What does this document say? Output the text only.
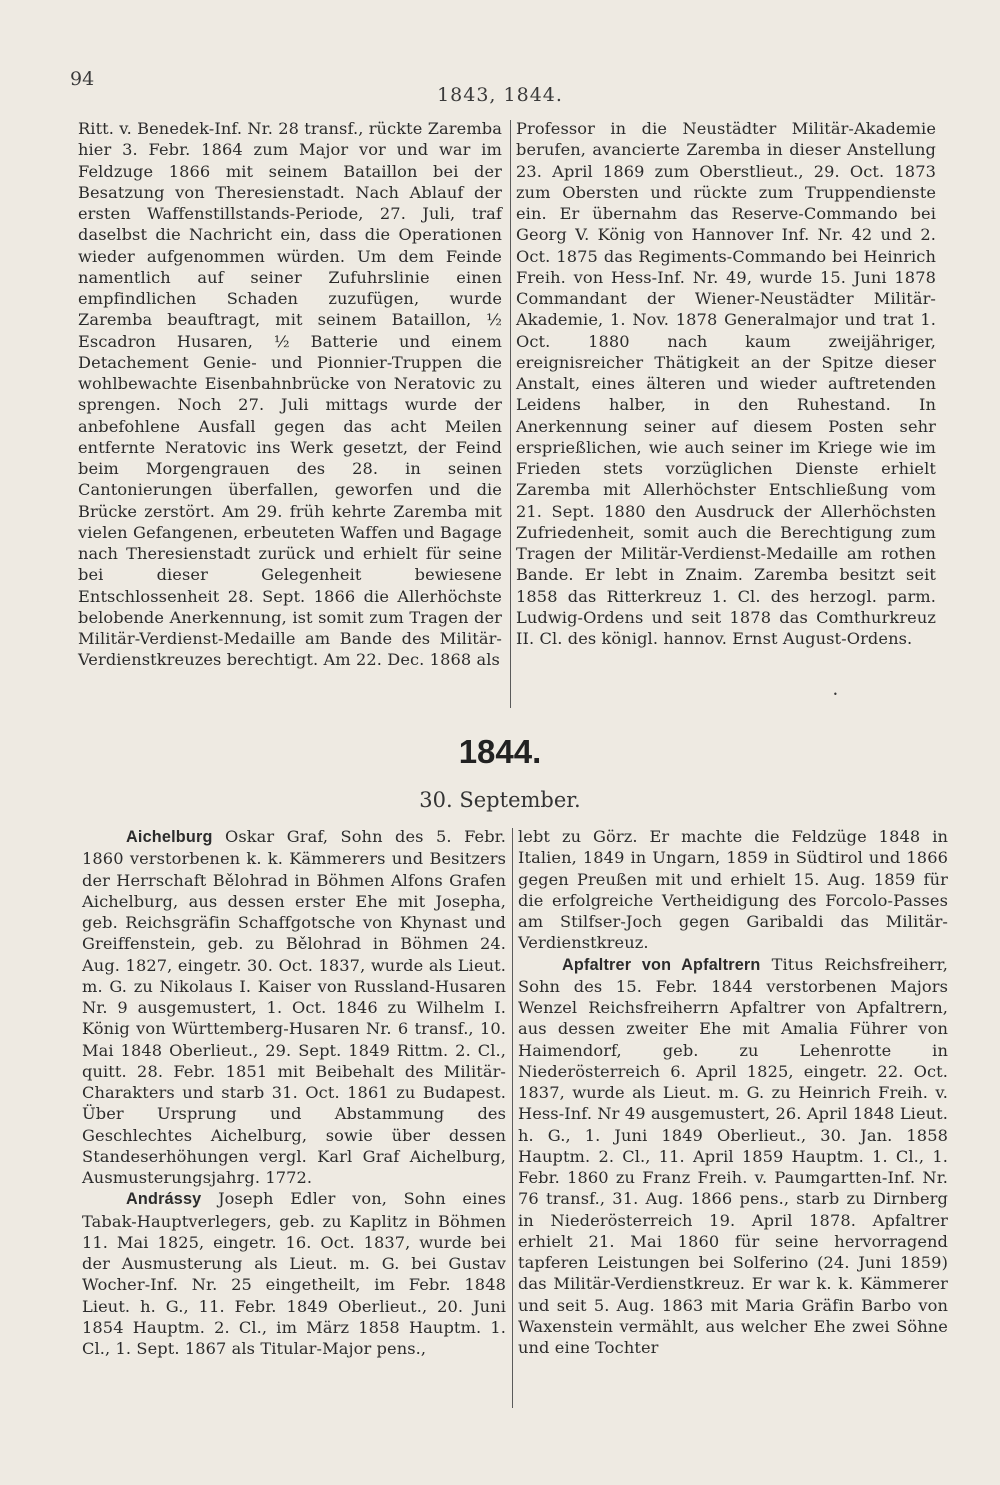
94
1843, 1844.

Ritt. v. Benedek-Inf. Nr. 28 transf., rückte Zaremba hier 3. Febr. 1864 zum Major vor und war im Feldzuge 1866 mit seinem Bataillon bei der Besatzung von Theresienstadt. Nach Ablauf der ersten Waffenstillstands-Periode, 27. Juli, traf daselbst die Nachricht ein, dass die Operationen wieder aufgenommen würden. Um dem Feinde namentlich auf seiner Zufuhrslinie einen empfindlichen Schaden zuzufügen, wurde Zaremba beauftragt, mit seinem Bataillon, ½ Escadron Husaren, ½ Batterie und einem Detachement Genie- und Pionnier-Truppen die wohlbewachte Eisenbahnbrücke von Neratovic zu sprengen. Noch 27. Juli mittags wurde der anbefohlene Ausfall gegen das acht Meilen entfernte Neratovic ins Werk gesetzt, der Feind beim Morgengrauen des 28. in seinen Cantonierungen überfallen, geworfen und die Brücke zerstört. Am 29. früh kehrte Zaremba mit vielen Gefangenen, erbeuteten Waffen und Bagage nach Theresienstadt zurück und erhielt für seine bei dieser Gelegenheit bewiesene Entschlossenheit 28. Sept. 1866 die Allerhöchste belobende Anerkennung, ist somit zum Tragen der Militär-Verdienst-Medaille am Bande des Militär-Verdienstkreuzes berechtigt. Am 22. Dec. 1868 als

Professor in die Neustädter Militär-Akademie berufen, avancierte Zaremba in dieser Anstellung 23. April 1869 zum Oberstlieut., 29. Oct. 1873 zum Obersten und rückte zum Truppendienste ein. Er übernahm das Reserve-Commando bei Georg V. König von Hannover Inf. Nr. 42 und 2. Oct. 1875 das Regiments-Commando bei Heinrich Freih. von Hess-Inf. Nr. 49, wurde 15. Juni 1878 Commandant der Wiener-Neustädter Militär-Akademie, 1. Nov. 1878 Generalmajor und trat 1. Oct. 1880 nach kaum zweijähriger, ereignisreicher Thätigkeit an der Spitze dieser Anstalt, eines älteren und wieder auftretenden Leidens halber, in den Ruhestand. In Anerkennung seiner auf diesem Posten sehr ersprießlichen, wie auch seiner im Kriege wie im Frieden stets vorzüglichen Dienste erhielt Zaremba mit Allerhöchster Entschließung vom 21. Sept. 1880 den Ausdruck der Allerhöchsten Zufriedenheit, somit auch die Berechtigung zum Tragen der Militär-Verdienst-Medaille am rothen Bande. Er lebt in Znaim. Zaremba besitzt seit 1858 das Ritterkreuz 1. Cl. des herzogl. parm. Ludwig-Ordens und seit 1878 das Comthurkreuz II. Cl. des königl. hannov. Ernst August-Ordens.

•
1844.
30. September.

Aichelburg Oskar Graf, Sohn des 5. Febr. 1860 verstorbenen k. k. Kämmerers und Besitzers der Herrschaft Bělohrad in Böhmen Alfons Grafen Aichelburg, aus dessen erster Ehe mit Josepha, geb. Reichsgräfin Schaffgotsche von Khynast und Greiffenstein, geb. zu Bělohrad in Böhmen 24. Aug. 1827, eingetr. 30. Oct. 1837, wurde als Lieut. m. G. zu Nikolaus I. Kaiser von Russland-Husaren Nr. 9 ausgemustert, 1. Oct. 1846 zu Wilhelm I. König von Württemberg-Husaren Nr. 6 transf., 10. Mai 1848 Oberlieut., 29. Sept. 1849 Rittm. 2. Cl., quitt. 28. Febr. 1851 mit Beibehalt des Militär-Charakters und starb 31. Oct. 1861 zu Budapest. Über Ursprung und Abstammung des Geschlechtes Aichelburg, sowie über dessen Standeserhöhungen vergl. Karl Graf Aichelburg, Ausmusterungsjahrg. 1772.

Andrássy Joseph Edler von, Sohn eines Tabak-Hauptverlegers, geb. zu Kaplitz in Böhmen 11. Mai 1825, eingetr. 16. Oct. 1837, wurde bei der Ausmusterung als Lieut. m. G. bei Gustav Wocher-Inf. Nr. 25 eingetheilt, im Febr. 1848 Lieut. h. G., 11. Febr. 1849 Oberlieut., 20. Juni 1854 Hauptm. 2. Cl., im März 1858 Hauptm. 1. Cl., 1. Sept. 1867 als Titular-Major pens.,

lebt zu Görz. Er machte die Feldzüge 1848 in Italien, 1849 in Ungarn, 1859 in Südtirol und 1866 gegen Preußen mit und erhielt 15. Aug. 1859 für die erfolgreiche Vertheidigung des Forcolo-Passes am Stilfser-Joch gegen Garibaldi das Militär-Verdienstkreuz.

Apfaltrer von Apfaltrern Titus Reichsfreiherr, Sohn des 15. Febr. 1844 verstorbenen Majors Wenzel Reichsfreiherrn Apfaltrer von Apfaltrern, aus dessen zweiter Ehe mit Amalia Führer von Haimendorf, geb. zu Lehenrotte in Niederösterreich 6. April 1825, eingetr. 22. Oct. 1837, wurde als Lieut. m. G. zu Heinrich Freih. v. Hess-Inf. Nr 49 ausgemustert, 26. April 1848 Lieut. h. G., 1. Juni 1849 Oberlieut., 30. Jan. 1858 Hauptm. 2. Cl., 11. April 1859 Hauptm. 1. Cl., 1. Febr. 1860 zu Franz Freih. v. Paumgartten-Inf. Nr. 76 transf., 31. Aug. 1866 pens., starb zu Dirnberg in Niederösterreich 19. April 1878. Apfaltrer erhielt 21. Mai 1860 für seine hervorragend tapferen Leistungen bei Solferino (24. Juni 1859) das Militär-Verdienstkreuz. Er war k. k. Kämmerer und seit 5. Aug. 1863 mit Maria Gräfin Barbo von Waxenstein vermählt, aus welcher Ehe zwei Söhne und eine Tochter
